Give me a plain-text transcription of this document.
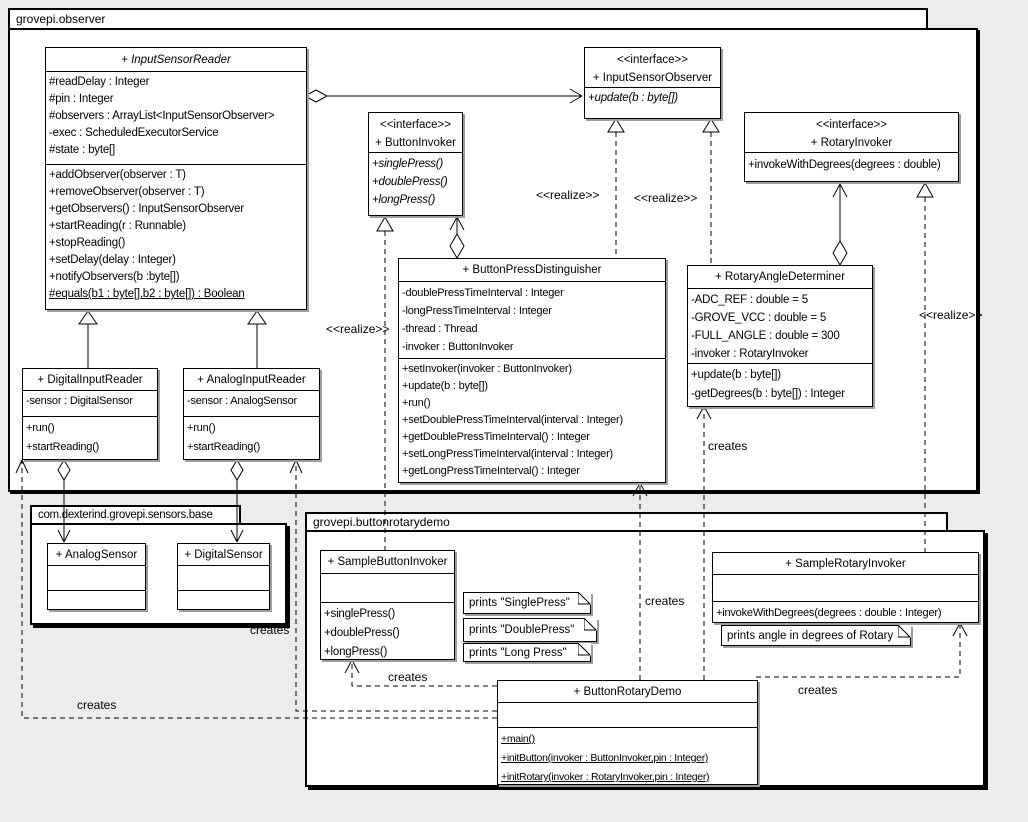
grovepi.observer
com.dexterind.grovepi.sensors.base	grovepi.buttonrotarydemo
+ InputSensorReader
#readDelay : Integer
#pin : Integer
#observers : ArrayList<InputSensorObserver>
-exec : ScheduledExecutorService
#state : byte[]
+addObserver(observer : T)
+removeObserver(observer : T)
+getObservers() : InputSensorObserver
+startReading(r : Runnable)
+stopReading()
+setDelay(delay : Integer)
+notifyObservers(b :byte[])
#equals(b1 : byte[],b2 : byte[]) : Boolean
<<interface>>
+ InputSensorObserver
+update(b : byte[])
<<interface>>
+ ButtonInvoker
+singlePress()
+doublePress()
+longPress()
<<interface>>
+ RotaryInvoker
+invokeWithDegrees(degrees : double)
+ ButtonPressDistinguisher
-doublePressTimeInterval : Integer
-longPressTimeInterval : Integer
-thread : Thread
-invoker : ButtonInvoker
+setInvoker(invoker : ButtonInvoker)
+update(b : byte[])
+run()
+setDoublePressTimeInterval(interval : Integer)
+getDoublePressTimeInterval() : Integer
+setLongPressTimeInterval(interval : Integer)
+getLongPressTimeInterval() : Integer
+ RotaryAngleDeterminer
-ADC_REF : double = 5
-GROVE_VCC : double = 5
-FULL_ANGLE : double = 300
-invoker : RotaryInvoker
+update(b : byte[])
-getDegrees(b : byte[]) : Integer
+ DigitalInputReader
-sensor : DigitalSensor
+run()
+startReading()
+ AnalogInputReader
-sensor : AnalogSensor
+run()
+startReading()
+ AnalogSensor	+ DigitalSensor
+ SampleButtonInvoker
+singlePress()
+doublePress()
+longPress()
+ SampleRotaryInvoker
+invokeWithDegrees(degrees : double : Integer)
+ ButtonRotaryDemo
+main()
+initButton(invoker : ButtonInvoker,pin : Integer)
+initRotary(invoker : RotaryInvoker,pin : Integer)
prints "SinglePress"
prints "DoublePress"
prints "Long Press"
prints angle in degrees of Rotary
<<realize>>	<<realize>>
<<realize>>
<<realize>>
creates
creates
creates
creates
creates
creates
